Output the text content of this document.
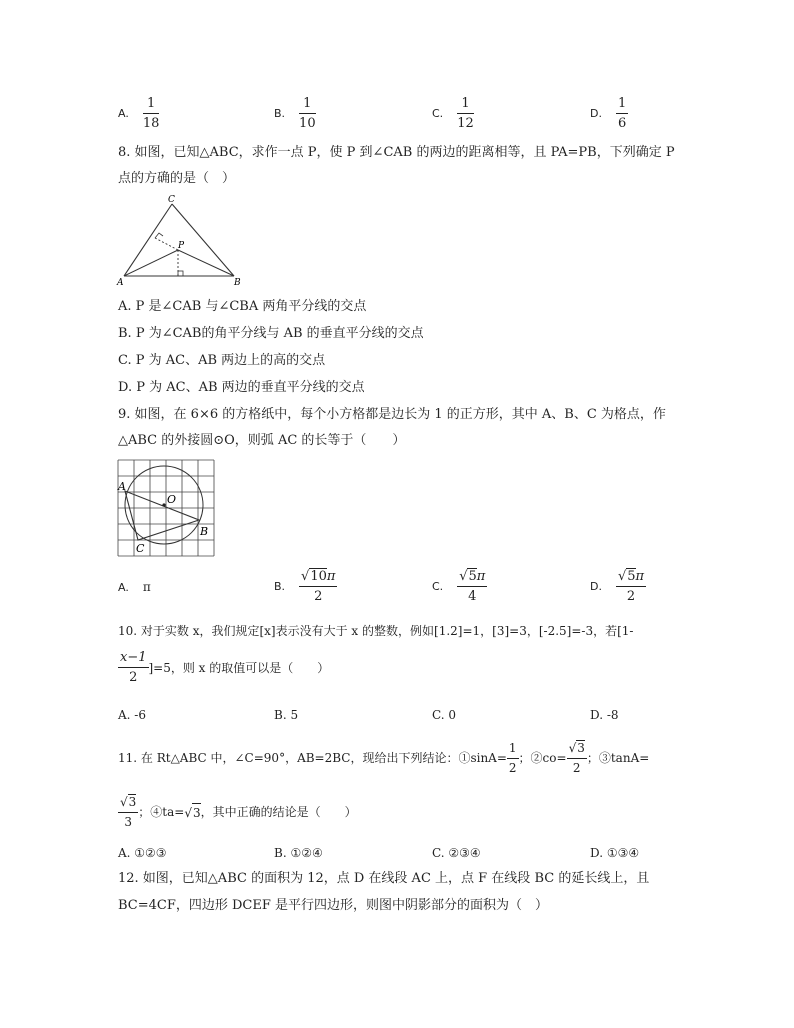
A. $\frac{1}{18}$	B. $\frac{1}{10}$	C. $\frac{1}{12}$	D. $\frac{1}{6}$
8. 如图，已知△ABC，求作一点 P，使 P 到∠CAB 的两边的距离相等，且 PA=PB，下列确定 P
点的方确的是（　）
A	B
C
P
A. P 是∠CAB 与∠CBA 两角平分线的交点
B. P 为∠CAB的角平分线与 AB 的垂直平分线的交点
C. P 为 AC、AB 两边上的高的交点
D. P 为 AC、AB 两边的垂直平分线的交点
9. 如图，在 6×6 的方格纸中，每个小方格都是边长为 1 的正方形，其中 A、B、C 为格点，作
△ABC 的外接圆⊙O，则弧 AC 的长等于（　　）
A
B
C
O
A. π	B. $\frac{√ 10 \pi}{2}$	C. $\frac{√ 5 \pi}{4}$	D. $\frac{√ 5 \pi}{2}$
10. 对于实数 x，我们规定[x]表示没有大于 x 的整数，例如[1.2]=1，[3]=3，[-2.5]=-3，若[1-
$\frac{x-1}{2} ]=5$，则 x 的取值可以是（　　）
A. -6	B. 5	C. 0	D. -8
11. 在 Rt△ABC 中，∠C=90°，AB=2BC，现给出下列结论：①sinA= $\frac{1}{2}$ ；②co= $\frac{√ 3}{2}$ ；③tanA=
$\frac{√ 3}{3}$ ；④ta= √ 3 ，其中正确的结论是（　　）
A. ①②③	B. ①②④	C. ②③④	D. ①③④
12. 如图，已知△ABC 的面积为 12，点 D 在线段 AC 上，点 F 在线段 BC 的延长线上，且
BC=4CF，四边形 DCEF 是平行四边形，则图中阴影部分的面积为（　）
